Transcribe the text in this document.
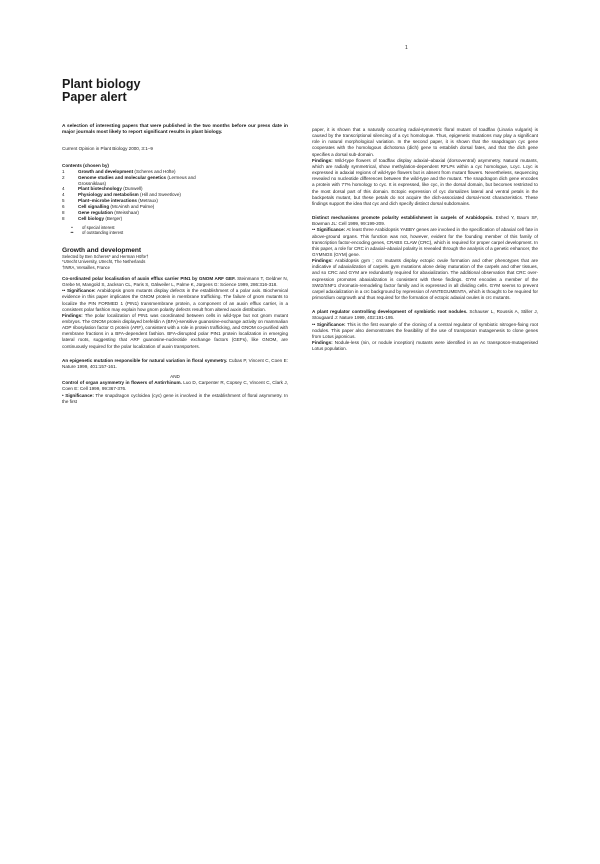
1
Plant biology
Paper alert

A selection of interesting papers that were published in the two months before our press date in major journals most likely to report significant results in plant biology.

Current Opinion in Plant Biology 2000, 3:1–9

Contents (chosen by)
1	Growth and development (Scheres and Höfte)
2	Genome studies and molecular genetics (Lermeus and
Grossniklaus)
4	Plant biotechnology (Dunwell)
4	Physiology and metabolism (Hill and Sweetlove)
5	Plant–microbe interactions (Metraux)
6	Cell signalling (McAinsh and Palme)
8	Gene regulation (Weisshaar)
8	Cell biology (Berger)
•	of special interest
••	of outstanding interest
Growth and development
Selected by Ben Scheres* and Herman Höfte†
*Utrecht University, Utrecht, The Netherlands
†INRA, Versailles, France

Co-ordinated polar localisation of auxin efflux carrier PIN1 by GNOM ARF GEF. Steinmann T, Geldner N, Grebe M, Mangold S, Jackson CL, Paris S, Gälweiler L, Palme K, Jürgens G: Science 1999, 286:316-318.

•• Significance: Arabidopsis gnom mutants display defects in the establishment of a polar axis. Biochemical evidence in this paper implicates the GNOM protein in membrane trafficking. The failure of gnom mutants to localize the PIN FORMED 1 (PIN1) transmembrane protein, a component of an auxin efflux carrier, in a consistent polar fashion may explain how gnom polarity defects result from altered auxin distribution.

Findings: The polar localization of PIN1 was coordinated between cells in wild-type but not gnom mutant embryos. The GNOM protein displayed brefeldin A (BFA)-sensitive guanosine-exchange activity on mammalian ADP ribosylation factor G protein (ARF), consistent with a role in protein trafficking, and GNOM co-purified with membrane fractions in a BFA-dependent fashion. BFA-disrupted polar PIN1 protein localization in emerging lateral roots, suggesting that ARF guanosine-nucleotide exchange factors (GEFs), like GNOM, are continuously required for the polar localization of auxin transporters.

An epigenetic mutation responsible for natural variation in floral symmetry. Cubas P, Vincent C, Coen E: Nature 1999, 401:157-161.

AND

Control of organ asymmetry in flowers of Antirrhinum. Luo D, Carpenter R, Copsey C, Vincent C, Clark J, Coen E: Cell 1999, 99:367-376.

• Significance: The snapdragon cycloidea (cyc) gene is involved in the establishment of floral asymmetry. In the first

paper, it is shown that a naturally occurring radial-symmetric floral mutant of toadflax (Linaria vulgaris) is caused by the transcriptional silencing of a cyc homologue. Thus, epigenetic mutations may play a significant role in natural morphological variation. In the second paper, it is shown that the snapdragon cyc gene cooperates with the homologous dichotoma (dich) gene to establish dorsal fates, and that the dich gene specifies a dorsal sub-domain.

Findings: Wild-type flowers of toadflax display adaxial–abaxial (dorsoventral) asymmetry. Natural mutants, which are radially symmetrical, show methylation-dependent RFLPs within a cyc homologue, Lcyc. Lcyc is expressed in adaxial regions of wild-type flowers but is absent from mutant flowers. Nevertheless, sequencing revealed no nucleotide differences between the wild-type and the mutant. The snapdragon dich gene encodes a protein with 77% homology to cyc. It is expressed, like cyc, in the dorsal domain, but becomes restricted to the most dorsal part of this domain. Ectopic expression of cyc dorsalizes lateral and ventral petals in the backpetals mutant, but these petals do not acquire the dich-associated dorsal-most characteristics. These findings support the idea that cyc and dich specify distinct dorsal subdomains.

Distinct mechanisms promote polarity establishment in carpels of Arabidopsis. Eshed Y, Baum SF, Bowman JL: Cell 1999, 99:199-209.

•• Significance: At least three Arabidopsis YABBY genes are involved in the specification of abaxial cell fate in above-ground organs. This function was not, however, evident for the founding member of this family of transcription factor-encoding genes, CRABS CLAW (CRC), which is required for proper carpel development. In this paper, a role for CRC in adaxial–abaxial polarity is revealed through the analysis of a genetic enhancer, the GYMNOS (GYM) gene.

Findings: Arabidopsis gym ; crc mutants display ectopic ovule formation and other phenotypes that are indicative of adaxialization of carpels. gym mutations alone delay maturation of the carpels and other tissues, and so CRC and GYM are redundantly required for abaxialization. The additional observation that CRC over-expression promotes abaxialization is consistent with these findings. GYM encodes a member of the SWI2/SNF1 chromatin-remodeling factor family and is expressed in all dividing cells. GYM seems to prevent carpel adaxialization in a crc background by repression of AINTEGUMENTA, which is thought to be required for primordium outgrowth and thus required for the formation of ectopic adaxial ovules in crc mutants.

A plant regulator controlling development of symbiotic root nodules. Schauser L, Roussis A, Stiller J, Stougaard J: Nature 1999, 402:191-195.

•• Significance: This is the first example of the cloning of a central regulator of symbiotic nitrogen-fixing root nodules. This paper also demonstrates the feasibility of the use of transposon mutagenesis to clone genes from Lotus japonicus.

Findings: Nodule-less (nin, or nodule inception) mutants were identified in an Ac transposon-mutagenised Lotus population.
